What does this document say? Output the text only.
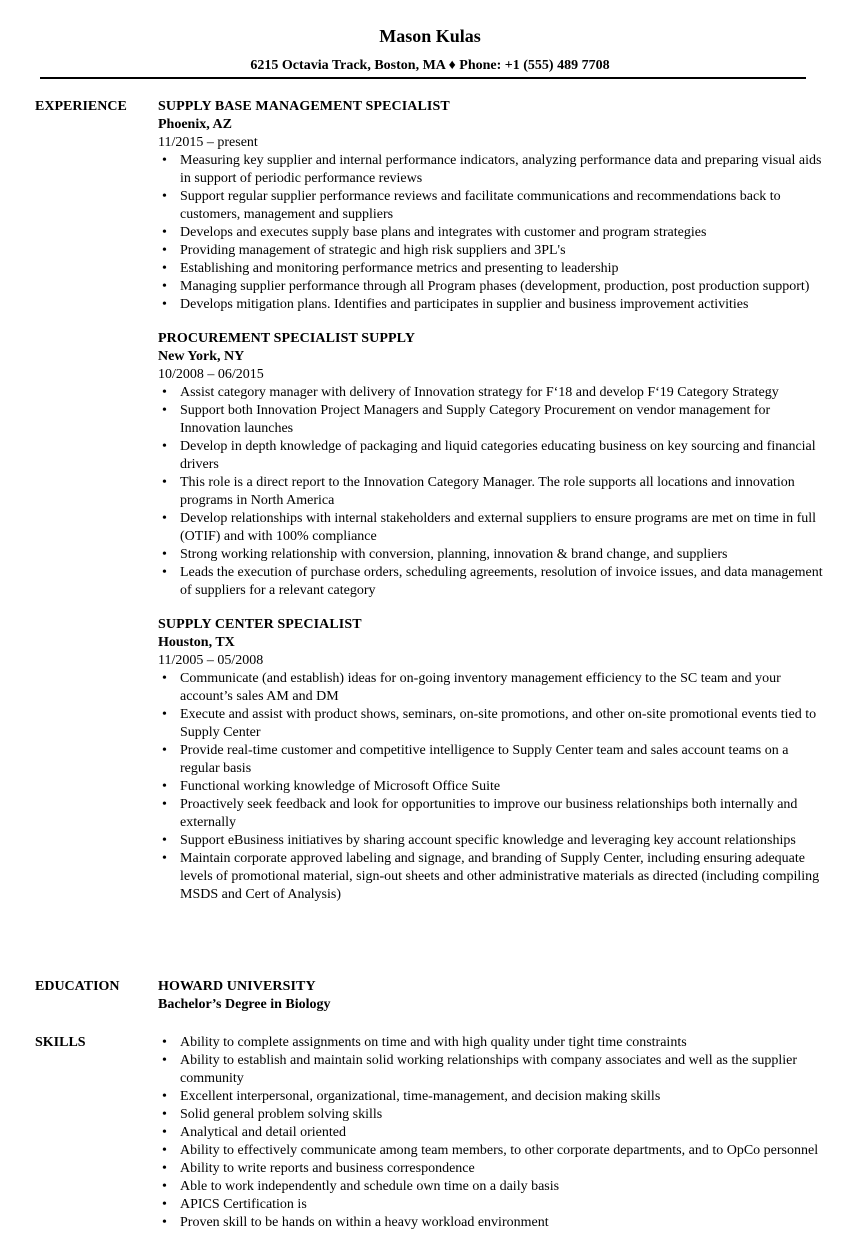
Mason Kulas
6215 Octavia Track, Boston, MA ♦ Phone: +1 (555) 489 7708
EXPERIENCE SUPPLY BASE MANAGEMENT SPECIALIST
Phoenix, AZ
11/2015 – present
• Measuring key supplier and internal performance indicators, analyzing performance data and preparing visual aids in support of periodic performance reviews
• Support regular supplier performance reviews and facilitate communications and recommendations back to customers, management and suppliers
• Develops and executes supply base plans and integrates with customer and program strategies
• Providing management of strategic and high risk suppliers and 3PL's
• Establishing and monitoring performance metrics and presenting to leadership
• Managing supplier performance through all Program phases (development, production, post production support)
• Develops mitigation plans. Identifies and participates in supplier and business improvement activities
PROCUREMENT SPECIALIST SUPPLY
New York, NY
10/2008 – 06/2015
• Assist category manager with delivery of Innovation strategy for F‘18 and develop F‘19 Category Strategy
• Support both Innovation Project Managers and Supply Category Procurement on vendor management for Innovation launches
• Develop in depth knowledge of packaging and liquid categories educating business on key sourcing and financial drivers
• This role is a direct report to the Innovation Category Manager. The role supports all locations and innovation programs in North America
• Develop relationships with internal stakeholders and external suppliers to ensure programs are met on time in full (OTIF) and with 100% compliance
• Strong working relationship with conversion, planning, innovation & brand change, and suppliers
• Leads the execution of purchase orders, scheduling agreements, resolution of invoice issues, and data management of suppliers for a relevant category
SUPPLY CENTER SPECIALIST
Houston, TX
11/2005 – 05/2008
• Communicate (and establish) ideas for on-going inventory management efficiency to the SC team and your account’s sales AM and DM
• Execute and assist with product shows, seminars, on-site promotions, and other on-site promotional events tied to Supply Center
• Provide real-time customer and competitive intelligence to Supply Center team and sales account teams on a regular basis
• Functional working knowledge of Microsoft Office Suite
• Proactively seek feedback and look for opportunities to improve our business relationships both internally and externally
• Support eBusiness initiatives by sharing account specific knowledge and leveraging key account relationships
• Maintain corporate approved labeling and signage, and branding of Supply Center, including ensuring adequate levels of promotional material, sign-out sheets and other administrative materials as directed (including compiling MSDS and Cert of Analysis)
EDUCATION	HOWARD UNIVERSITY
Bachelor’s Degree in Biology
SKILLS
•	Ability to complete assignments on time and with high quality under tight time constraints
• Ability to establish and maintain solid working relationships with company associates and well as the supplier community
• Excellent interpersonal, organizational, time-management, and decision making skills
• Solid general problem solving skills
• Analytical and detail oriented
• Ability to effectively communicate among team members, to other corporate departments, and to OpCo personnel
• Ability to write reports and business correspondence
• Able to work independently and schedule own time on a daily basis
• APICS Certification is
• Proven skill to be hands on within a heavy workload environment
